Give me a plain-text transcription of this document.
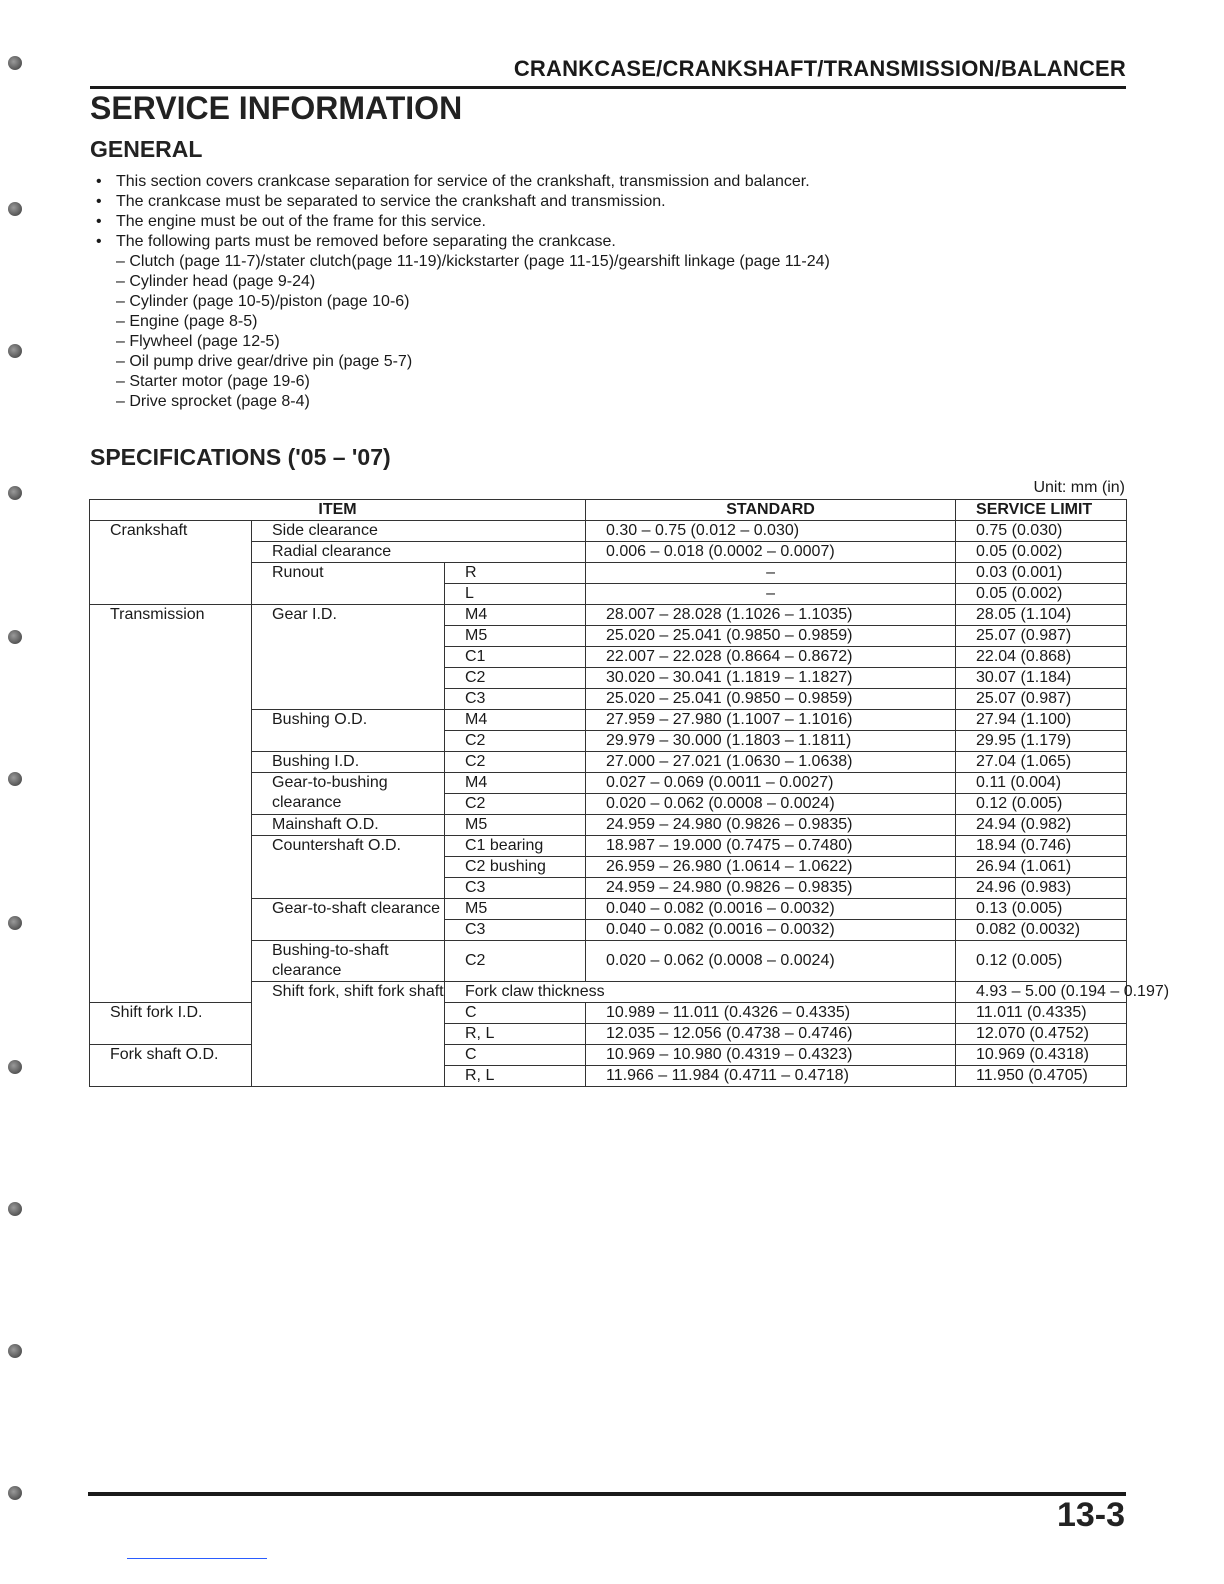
CRANKCASE/CRANKSHAFT/TRANSMISSION/BALANCER
SERVICE INFORMATION
GENERAL
• This section covers crankcase separation for service of the crankshaft, transmission and balancer.
• The crankcase must be separated to service the crankshaft and transmission.
• The engine must be out of the frame for this service.
• The following parts must be removed before separating the crankcase.
– Clutch (page 11-7)/stater clutch(page 11-19)/kickstarter (page 11-15)/gearshift linkage (page 11-24)
– Cylinder head (page 9-24)
– Cylinder (page 10-5)/piston (page 10-6)
– Engine (page 8-5)
– Flywheel (page 12-5)
– Oil pump drive gear/drive pin (page 5-7)
– Starter motor (page 19-6)
– Drive sprocket (page 8-4)
SPECIFICATIONS ('05 – '07)
Unit: mm (in)
ITEM			STANDARD	SERVICE LIMIT	
Crankshaft	Side clearance		0.30 – 0.75 (0.012 – 0.030)	0.75 (0.030)	
	Radial clearance		0.006 – 0.018 (0.0002 – 0.0007)	0.05 (0.002)	
	Runout	R	–	0.03 (0.001)	
		L	–	0.05 (0.002)	
Transmission	Gear I.D.	M4	28.007 – 28.028 (1.1026 – 1.1035)	28.05 (1.104)	
		M5	25.020 – 25.041 (0.9850 – 0.9859)	25.07 (0.987)	
		C1	22.007 – 22.028 (0.8664 – 0.8672)	22.04 (0.868)	
		C2	30.020 – 30.041 (1.1819 – 1.1827)	30.07 (1.184)	
		C3	25.020 – 25.041 (0.9850 – 0.9859)	25.07 (0.987)	
	Bushing O.D.	M4	27.959 – 27.980 (1.1007 – 1.1016)	27.94 (1.100)	
		C2	29.979 – 30.000 (1.1803 – 1.1811)	29.95 (1.179)	
	Bushing I.D.	C2	27.000 – 27.021 (1.0630 – 1.0638)	27.04 (1.065)	
	Gear-to-bushing clearance	M4	0.027 – 0.069 (0.0011 – 0.0027)	0.11 (0.004)	
		C2	0.020 – 0.062 (0.0008 – 0.0024)	0.12 (0.005)	
	Mainshaft O.D.	M5	24.959 – 24.980 (0.9826 – 0.9835)	24.94 (0.982)	
	Countershaft O.D.	C1 bearing	18.987 – 19.000 (0.7475 – 0.7480)	18.94 (0.746)	
		C2 bushing	26.959 – 26.980 (1.0614 – 1.0622)	26.94 (1.061)	
		C3	24.959 – 24.980 (0.9826 – 0.9835)	24.96 (0.983)	
	Gear-to-shaft clearance	M5	0.040 – 0.082 (0.0016 – 0.0032)	0.13 (0.005)	
		C3	0.040 – 0.082 (0.0016 – 0.0032)	0.082 (0.0032)	
	Bushing-to-shaft clearance	C2	0.020 – 0.062 (0.0008 – 0.0024)	0.12 (0.005)	
	Shift fork, shift fork shaft	Fork claw thickness		4.93 – 5.00 (0.194 – 0.197)	
Shift fork I.D.		C	10.989 – 11.011 (0.4326 – 0.4335)	11.011 (0.4335)	
		R, L	12.035 – 12.056 (0.4738 – 0.4746)	12.070 (0.4752)	
Fork shaft O.D.		C	10.969 – 10.980 (0.4319 – 0.4323)	10.969 (0.4318)	
		R, L	11.966 – 11.984 (0.4711 – 0.4718)	11.950 (0.4705)	
13-3
